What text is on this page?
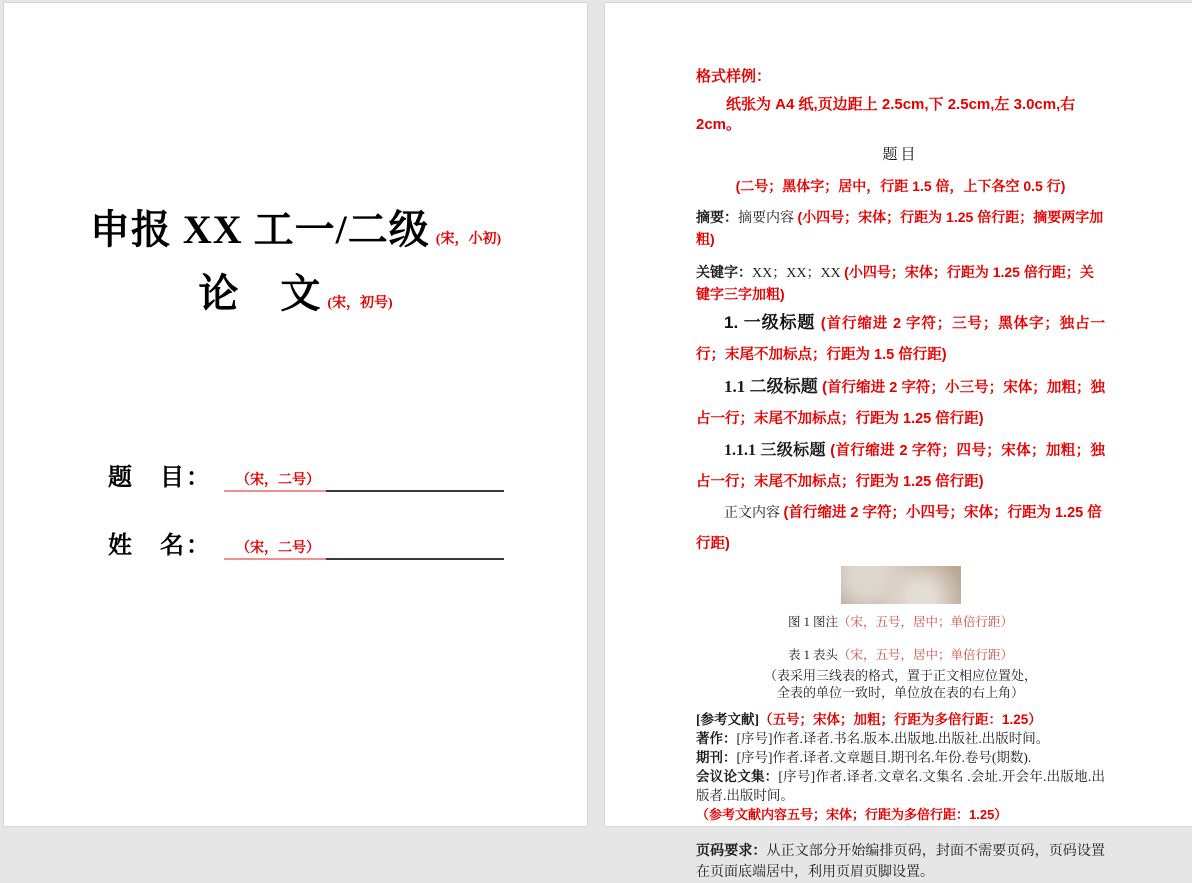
申报 XX 工一/二级 (宋，小初)
论　文 (宋，初号)
题　目：	（宋，二号）
姓　名：	（宋，二号）

格式样例：

纸张为 A4 纸,页边距上 2.5cm,下 2.5cm,左 3.0cm,右 2cm。

题目

(二号；黑体字；居中，行距 1.5 倍，上下各空 0.5 行)

摘要：摘要内容 (小四号；宋体；行距为 1.25 倍行距；摘要两字加粗)

关键字：XX；XX；XX (小四号；宋体；行距为 1.25 倍行距；关键字三字加粗)

1. 一级标题 (首行缩进 2 字符；三号；黑体字；独占一行；末尾不加标点；行距为 1.5 倍行距)

1.1 二级标题 (首行缩进 2 字符；小三号；宋体；加粗；独占一行；末尾不加标点；行距为 1.25 倍行距)

1.1.1 三级标题 (首行缩进 2 字符；四号；宋体；加粗；独占一行；末尾不加标点；行距为 1.25 倍行距)

正文内容 (首行缩进 2 字符；小四号；宋体；行距为 1.25 倍行距)

图 1 图注（宋，五号，居中；单倍行距）

表 1 表头（宋，五号，居中；单倍行距）

（表采用三线表的格式，置于正文相应位置处，

全表的单位一致时，单位放在表的右上角）

[参考文献]（五号；宋体；加粗；行距为多倍行距：1.25）

著作：[序号]作者.译者.书名.版本.出版地.出版社.出版时间。

期刊：[序号]作者.译者.文章题目.期刊名.年份.卷号(期数).

会议论文集：[序号]作者.译者.文章名.文集名 .会址.开会年.出版地.出版者.出版时间。

（参考文献内容五号；宋体；行距为多倍行距：1.25）

页码要求：从正文部分开始编排页码，封面不需要页码，页码设置在页面底端居中，利用页眉页脚设置。
